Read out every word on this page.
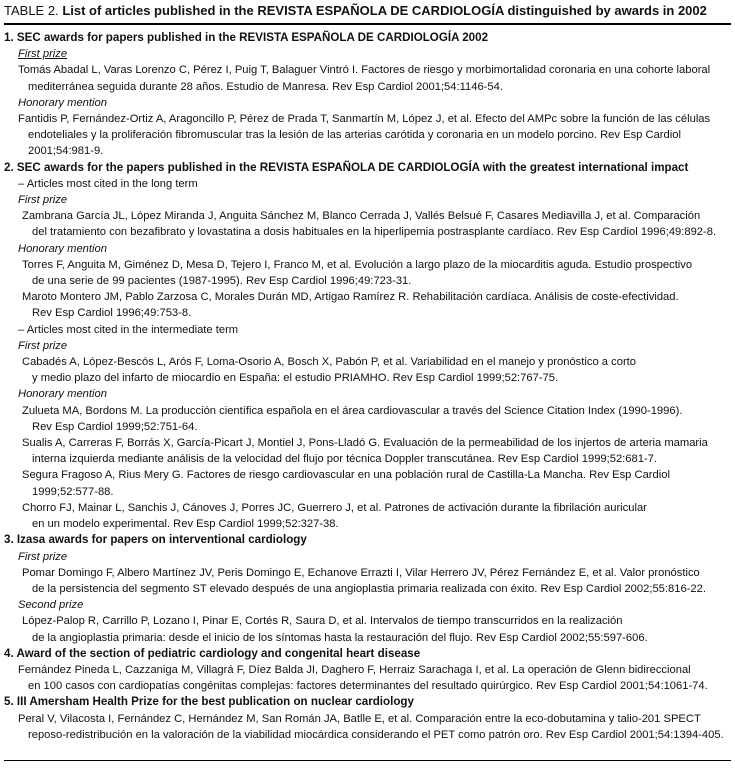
TABLE 2. List of articles published in the REVISTA ESPAÑOLA DE CARDIOLOGÍA distinguished by awards in 2002
1. SEC awards for papers published in the REVISTA ESPAÑOLA DE CARDIOLOGÍA 2002
First prize
Tomás Abadal L, Varas Lorenzo C, Pérez I, Puig T, Balaguer Vintró I. Factores de riesgo y morbimortalidad coronaria en una cohorte laboral
mediterránea seguida durante 28 años. Estudio de Manresa. Rev Esp Cardiol 2001;54:1146-54.
Honorary mention
Fantidis P, Fernández-Ortiz A, Aragoncillo P, Pérez de Prada T, Sanmartín M, López J, et al. Efecto del AMPc sobre la función de las células
endoteliales y la proliferación fibromuscular tras la lesión de las arterias carótida y coronaria en un modelo porcino. Rev Esp Cardiol
2001;54:981-9.
2. SEC awards for the papers published in the REVISTA ESPAÑOLA DE CARDIOLOGÍA with the greatest international impact
– Articles most cited in the long term
First prize
Zambrana García JL, López Miranda J, Anguita Sánchez M, Blanco Cerrada J, Vallés Belsué F, Casares Mediavilla J, et al. Comparación
del tratamiento con bezafibrato y lovastatina a dosis habituales en la hiperlipemia postrasplante cardíaco. Rev Esp Cardiol 1996;49:892-8.
Honorary mention
Torres F, Anguita M, Giménez D, Mesa D, Tejero I, Franco M, et al. Evolución a largo plazo de la miocarditis aguda. Estudio prospectivo
de una serie de 99 pacientes (1987-1995). Rev Esp Cardiol 1996;49:723-31.
Maroto Montero JM, Pablo Zarzosa C, Morales Durán MD, Artigao Ramírez R. Rehabilitación cardíaca. Análisis de coste-efectividad.
Rev Esp Cardiol 1996;49:753-8.
– Articles most cited in the intermediate term
First prize
Cabadés A, López-Bescós L, Arós F, Loma-Osorio A, Bosch X, Pabón P, et al. Variabilidad en el manejo y pronóstico a corto
y medio plazo del infarto de miocardio en España: el estudio PRIAMHO. Rev Esp Cardiol 1999;52:767-75.
Honorary mention
Zulueta MA, Bordons M. La producción científica española en el área cardiovascular a través del Science Citation Index (1990-1996).
Rev Esp Cardiol 1999;52:751-64.
Sualis A, Carreras F, Borrás X, García-Picart J, Montiel J, Pons-Lladó G. Evaluación de la permeabilidad de los injertos de arteria mamaria
interna izquierda mediante análisis de la velocidad del flujo por técnica Doppler transcutánea. Rev Esp Cardiol 1999;52:681-7.
Segura Fragoso A, Rius Mery G. Factores de riesgo cardiovascular en una población rural de Castilla-La Mancha. Rev Esp Cardiol
1999;52:577-88.
Chorro FJ, Mainar L, Sanchis J, Cánoves J, Porres JC, Guerrero J, et al. Patrones de activación durante la fibrilación auricular
en un modelo experimental. Rev Esp Cardiol 1999;52:327-38.
3. Izasa awards for papers on interventional cardiology
First prize
Pomar Domingo F, Albero Martínez JV, Peris Domingo E, Echanove Errazti I, Vilar Herrero JV, Pérez Fernández E, et al. Valor pronóstico
de la persistencia del segmento ST elevado después de una angioplastia primaria realizada con éxito. Rev Esp Cardiol 2002;55:816-22.
Second prize
López-Palop R, Carrillo P, Lozano I, Pinar E, Cortés R, Saura D, et al. Intervalos de tiempo transcurridos en la realización
de la angioplastia primaria: desde el inicio de los síntomas hasta la restauración del flujo. Rev Esp Cardiol 2002;55:597-606.
4. Award of the section of pediatric cardiology and congenital heart disease
Fernández Pineda L, Cazzaniga M, Villagrá F, Díez Balda JI, Daghero F, Herraiz Sarachaga I, et al. La operación de Glenn bidireccional
en 100 casos con cardiopatías congénitas complejas: factores determinantes del resultado quirúrgico. Rev Esp Cardiol 2001;54:1061-74.
5. III Amersham Health Prize for the best publication on nuclear cardiology
Peral V, Vilacosta I, Fernández C, Hernández M, San Román JA, Batlle E, et al. Comparación entre la eco-dobutamina y talio-201 SPECT
reposo-redistribución en la valoración de la viabilidad miocárdica considerando el PET como patrón oro. Rev Esp Cardiol 2001;54:1394-405.
